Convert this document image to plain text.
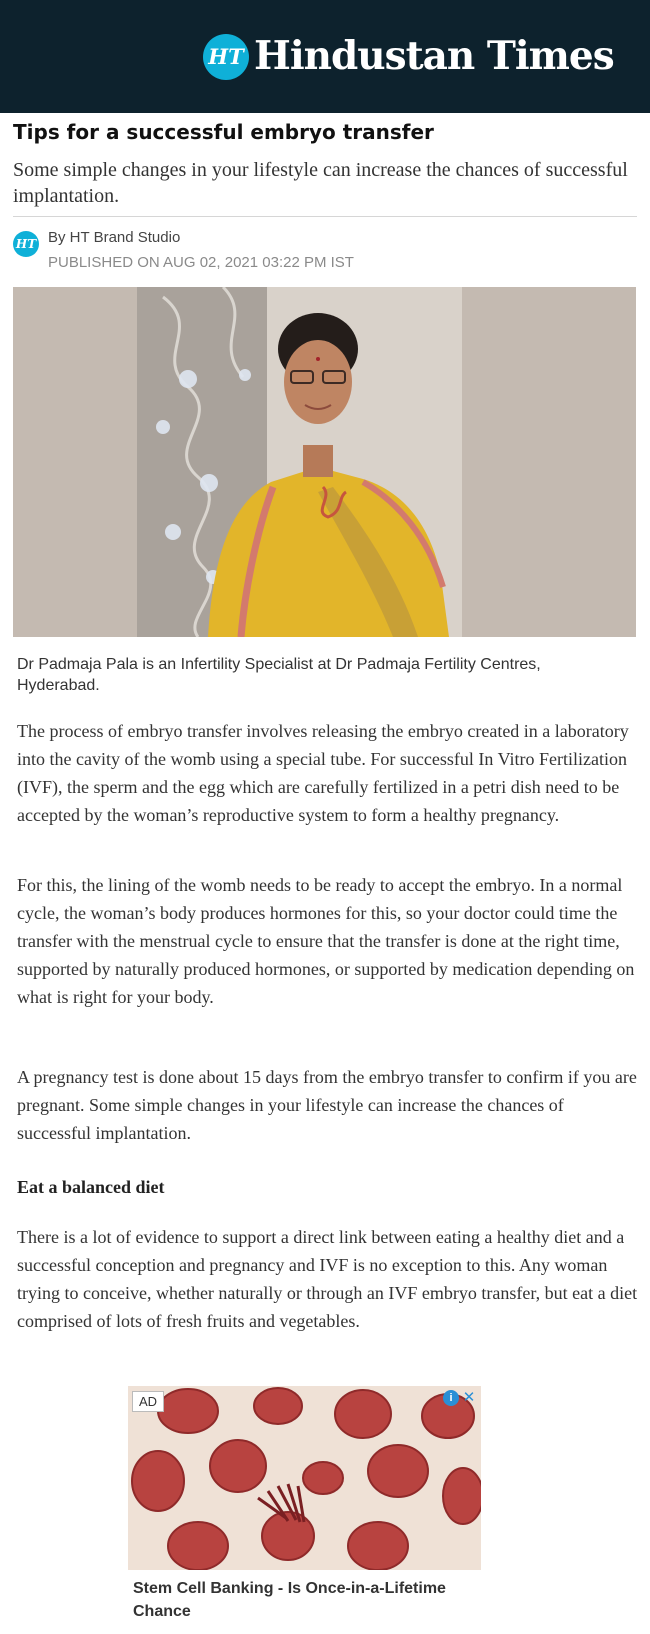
HT Hindustan Times
Tips for a successful embryo transfer

Some simple changes in your lifestyle can increase the chances of successful implantation.

HT By HT Brand Studio
PUBLISHED ON AUG 02, 2021 03:22 PM IST

Dr Padmaja Pala is an Infertility Specialist at Dr Padmaja Fertility Centres, Hyderabad.

The process of embryo transfer involves releasing the embryo created in a laboratory into the cavity of the womb using a special tube. For successful In Vitro Fertilization (IVF), the sperm and the egg which are carefully fertilized in a petri dish need to be accepted by the woman’s reproductive system to form a healthy pregnancy.

For this, the lining of the womb needs to be ready to accept the embryo. In a normal cycle, the woman’s body produces hormones for this, so your doctor could time the transfer with the menstrual cycle to ensure that the transfer is done at the right time, supported by naturally produced hormones, or supported by medication depending on what is right for your body.

A pregnancy test is done about 15 days from the embryo transfer to confirm if you are pregnant. Some simple changes in your lifestyle can increase the chances of successful implantation.

Eat a balanced diet

There is a lot of evidence to support a direct link between eating a healthy diet and a successful conception and pregnancy and IVF is no exception to this. Any woman trying to conceive, whether naturally or through an IVF embryo transfer, but eat a diet comprised of lots of fresh fruits and vegetables.

AD	i ✕
Stem Cell Banking - Is Once-in-a-Lifetime Chance
